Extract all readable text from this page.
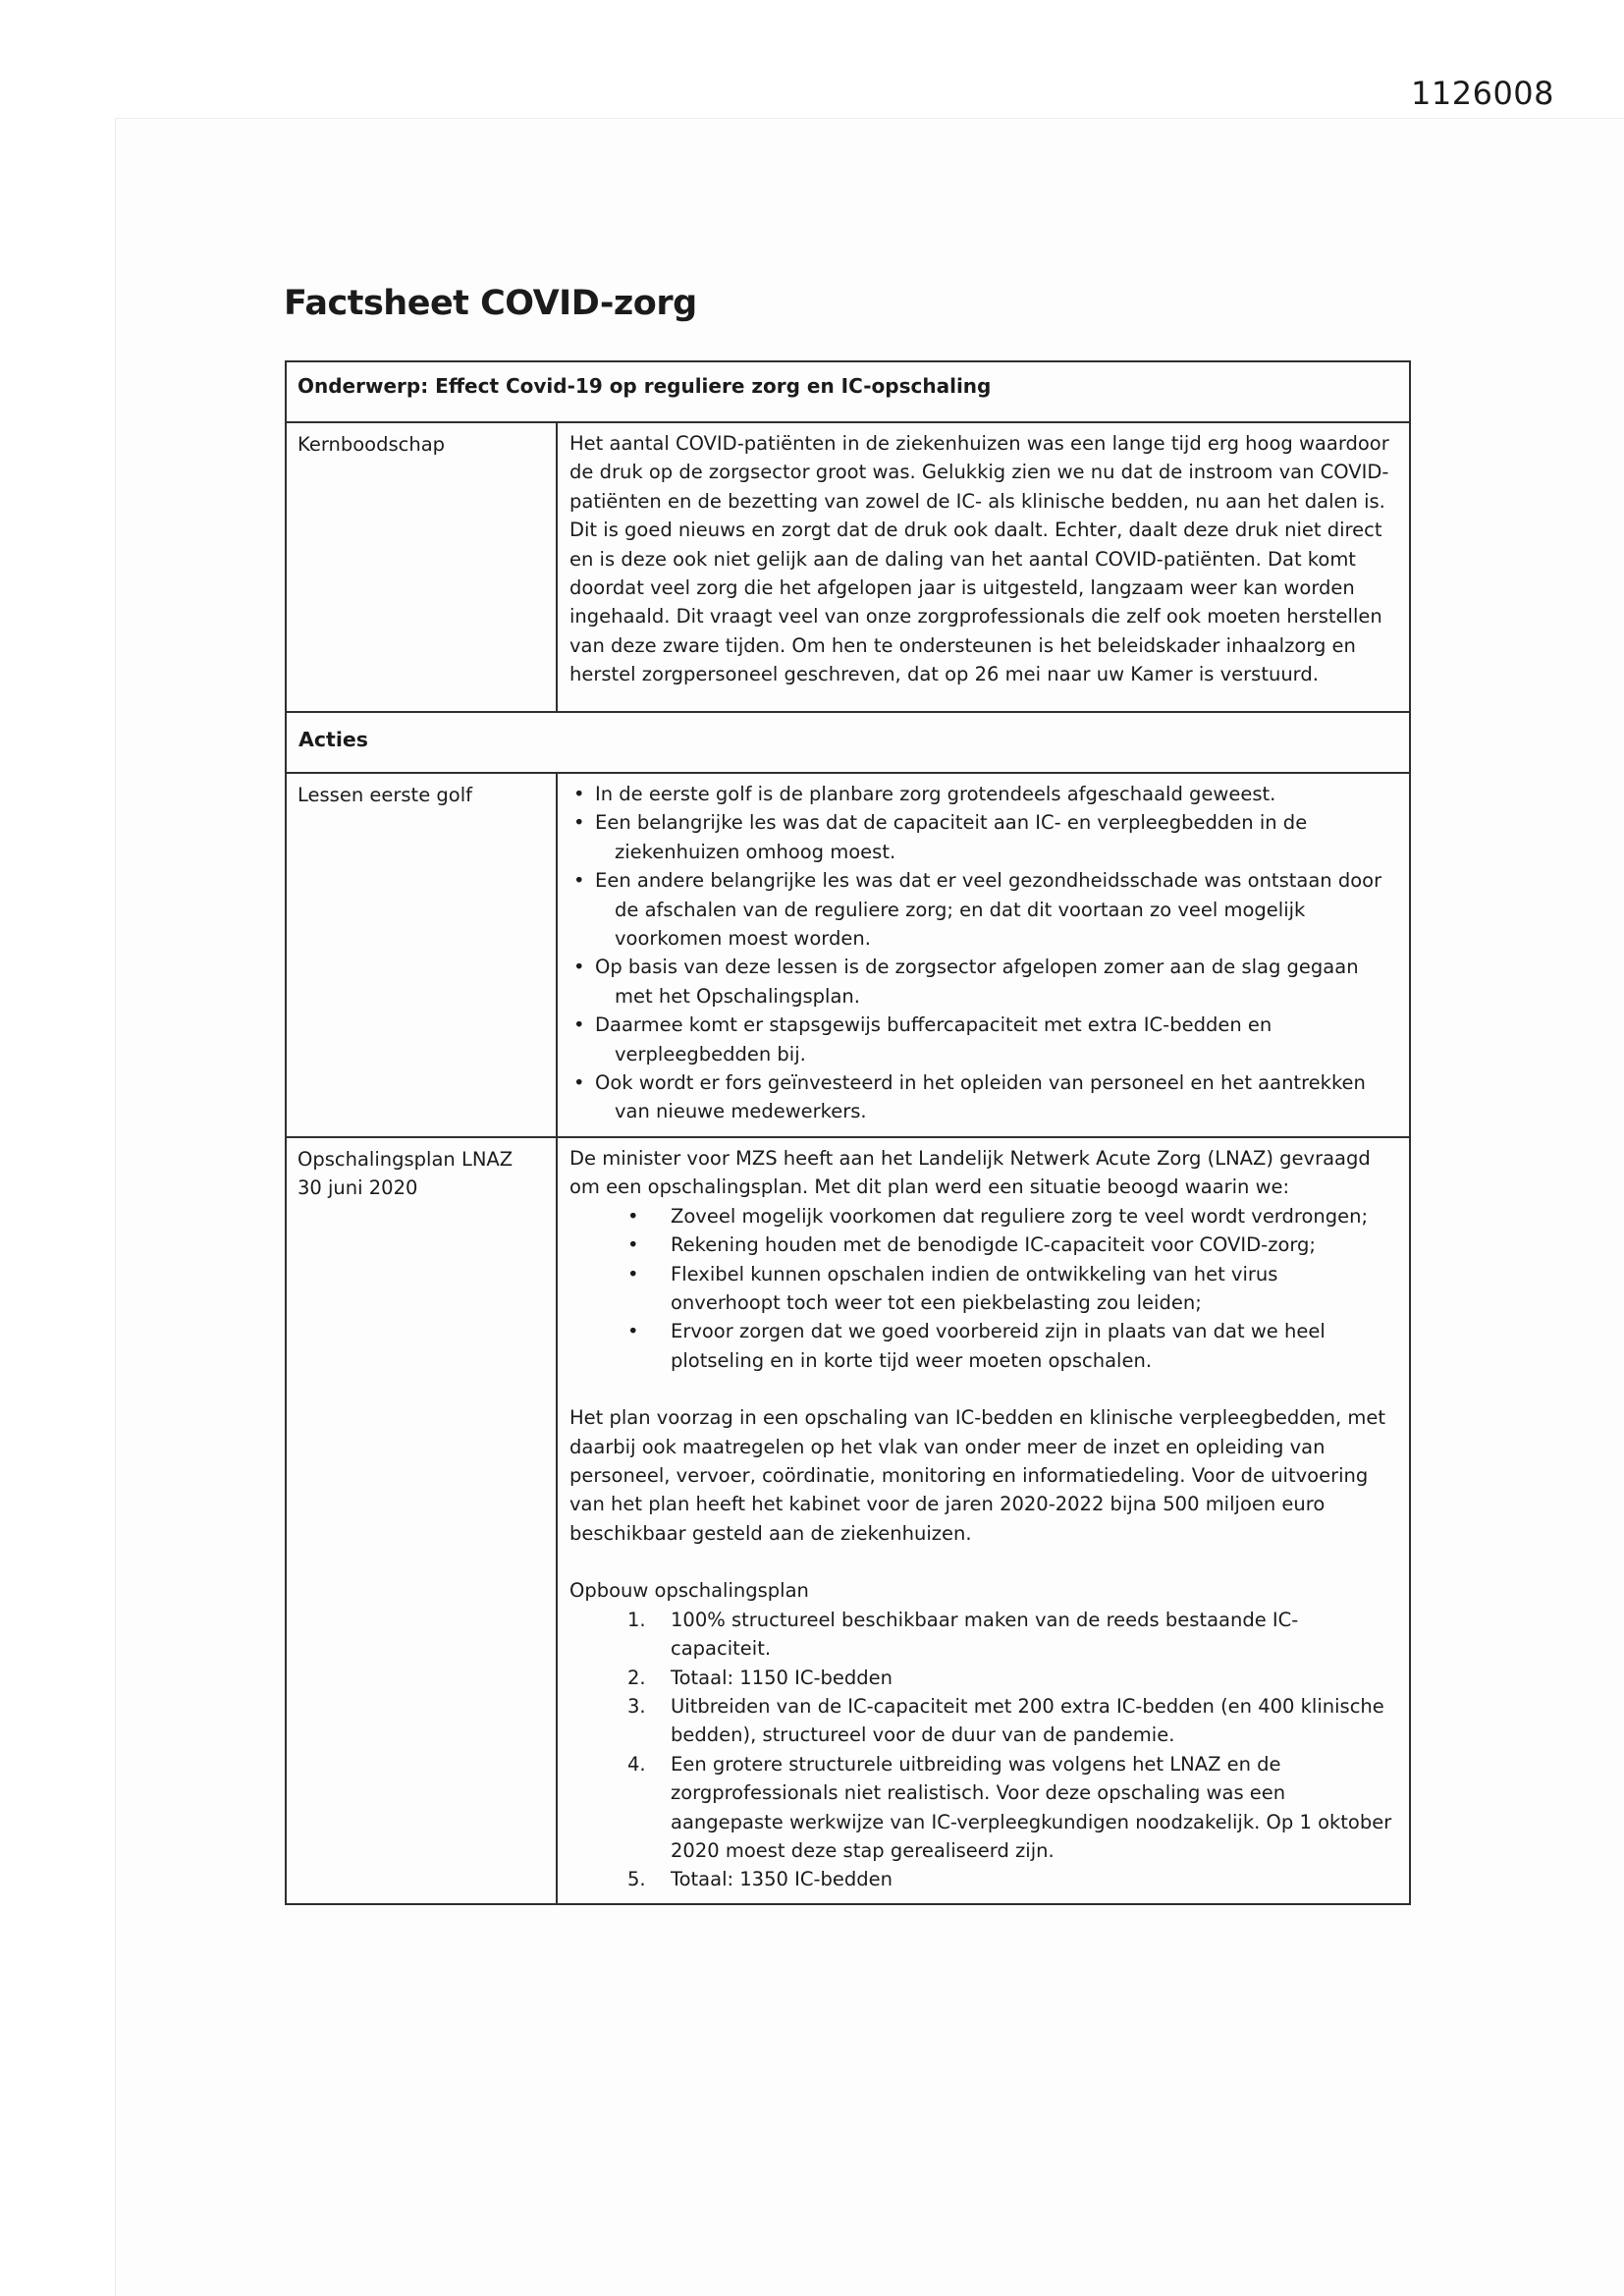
1126008
Factsheet COVID-zorg
Onderwerp: Effect Covid-19 op reguliere zorg en IC-opschaling
Kernboodschap	Het aantal COVID-patiënten in de ziekenhuizen was een lange tijd erg hoog waardoor de druk op de zorgsector groot was. Gelukkig zien we nu dat de instroom van COVID-patiënten en de bezetting van zowel de IC- als klinische bedden, nu aan het dalen is. Dit is goed nieuws en zorgt dat de druk ook daalt. Echter, daalt deze druk niet direct en is deze ook niet gelijk aan de daling van het aantal COVID-patiënten. Dat komt doordat veel zorg die het afgelopen jaar is uitgesteld, langzaam weer kan worden ingehaald. Dit vraagt veel van onze zorgprofessionals die zelf ook moeten herstellen van deze zware tijden. Om hen te ondersteunen is het beleidskader inhaalzorg en herstel zorgpersoneel geschreven, dat op 26 mei naar uw Kamer is verstuurd.
Acties
Lessen eerste golf	• In de eerste golf is de planbare zorg grotendeels afgeschaald geweest.
• Een belangrijke les was dat de capaciteit aan IC- en verpleegbedden in de ziekenhuizen omhoog moest.
• Een andere belangrijke les was dat er veel gezondheidsschade was ontstaan door de afschalen van de reguliere zorg; en dat dit voortaan zo veel mogelijk voorkomen moest worden.
• Op basis van deze lessen is de zorgsector afgelopen zomer aan de slag gegaan met het Opschalingsplan.
• Daarmee komt er stapsgewijs buffercapaciteit met extra IC-bedden en verpleegbedden bij.
• Ook wordt er fors geïnvesteerd in het opleiden van personeel en het aantrekken van nieuwe medewerkers.
Opschalingsplan LNAZ
30 juni 2020
De minister voor MZS heeft aan het Landelijk Netwerk Acute Zorg (LNAZ) gevraagd om een opschalingsplan. Met dit plan werd een situatie beoogd waarin we:
• Zoveel mogelijk voorkomen dat reguliere zorg te veel wordt verdrongen;
• Rekening houden met de benodigde IC-capaciteit voor COVID-zorg;
• Flexibel kunnen opschalen indien de ontwikkeling van het virus onverhoopt toch weer tot een piekbelasting zou leiden;
• Ervoor zorgen dat we goed voorbereid zijn in plaats van dat we heel plotseling en in korte tijd weer moeten opschalen.
Het plan voorzag in een opschaling van IC-bedden en klinische verpleegbedden, met daarbij ook maatregelen op het vlak van onder meer de inzet en opleiding van personeel, vervoer, coördinatie, monitoring en informatiedeling. Voor de uitvoering van het plan heeft het kabinet voor de jaren 2020-2022 bijna 500 miljoen euro beschikbaar gesteld aan de ziekenhuizen.
Opbouw opschalingsplan
1. 100% structureel beschikbaar maken van de reeds bestaande IC-capaciteit.
2. Totaal: 1150 IC-bedden
3. Uitbreiden van de IC-capaciteit met 200 extra IC-bedden (en 400 klinische bedden), structureel voor de duur van de pandemie.
4. Een grotere structurele uitbreiding was volgens het LNAZ en de zorgprofessionals niet realistisch. Voor deze opschaling was een aangepaste werkwijze van IC-verpleegkundigen noodzakelijk. Op 1 oktober 2020 moest deze stap gerealiseerd zijn.
5. Totaal: 1350 IC-bedden
